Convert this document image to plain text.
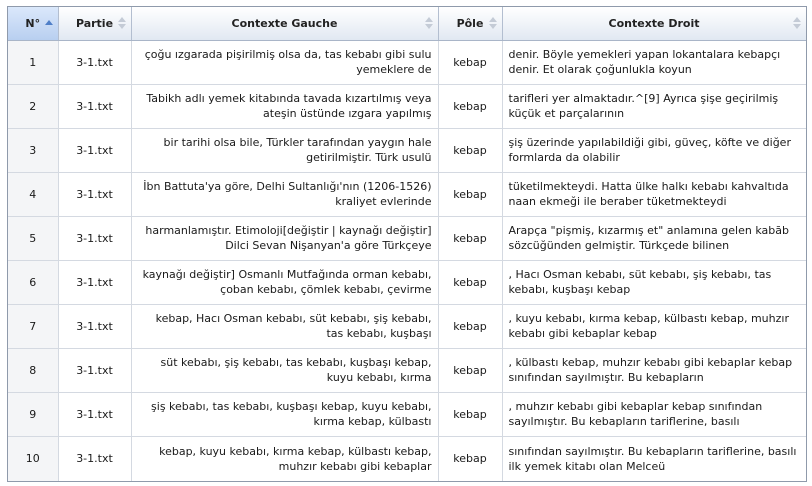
N°	Partie	Contexte Gauche	Pôle	Contexte Droit

1	3-1.txt	çoğu ızgarada pişirilmiş olsa da, tas kebabı gibi sulu yemeklere de	kebap	denir. Böyle yemekleri yapan lokantalara kebapçı denir. Et olarak çoğunlukla koyun
2	3-1.txt	Tabikh adlı yemek kitabında tavada kızartılmış veya ateşin üstünde ızgara yapılmış	kebap	tarifleri yer almaktadır.^[9] Ayrıca şişe geçirilmiş küçük et parçalarının
3	3-1.txt	bir tarihi olsa bile, Türkler tarafından yaygın hale getirilmiştir. Türk usulü	kebap	şiş üzerinde yapılabildiği gibi, güveç, köfte ve diğer formlarda da olabilir
4	3-1.txt	İbn Battuta'ya göre, Delhi Sultanlığı'nın (1206-1526) kraliyet evlerinde	kebap	tüketilmekteydi. Hatta ülke halkı kebabı kahvaltıda naan ekmeği ile beraber tüketmekteydi
5	3-1.txt	harmanlamıştır. Etimoloji[değiştir | kaynağı değiştir] Dilci Sevan Nişanyan'a göre Türkçeye	kebap	Arapça "pişmiş, kızarmış et" anlamına gelen kabāb sözcüğünden gelmiştir. Türkçede bilinen
6	3-1.txt	kaynağı değiştir] Osmanlı Mutfağında orman kebabı, çoban kebabı, çömlek kebabı, çevirme	kebap	, Hacı Osman kebabı, süt kebabı, şiş kebabı, tas kebabı, kuşbaşı kebap
7	3-1.txt	kebap, Hacı Osman kebabı, süt kebabı, şiş kebabı, tas kebabı, kuşbaşı	kebap	, kuyu kebabı, kırma kebap, külbastı kebap, muhzır kebabı gibi kebaplar kebap
8	3-1.txt	süt kebabı, şiş kebabı, tas kebabı, kuşbaşı kebap, kuyu kebabı, kırma	kebap	, külbastı kebap, muhzır kebabı gibi kebaplar kebap sınıfından sayılmıştır. Bu kebapların
9	3-1.txt	şiş kebabı, tas kebabı, kuşbaşı kebap, kuyu kebabı, kırma kebap, külbastı	kebap	, muhzır kebabı gibi kebaplar kebap sınıfından sayılmıştır. Bu kebapların tariflerine, basılı
10	3-1.txt	kebap, kuyu kebabı, kırma kebap, külbastı kebap, muhzır kebabı gibi kebaplar	kebap	sınıfından sayılmıştır. Bu kebapların tariflerine, basılı ilk yemek kitabı olan Melceü
